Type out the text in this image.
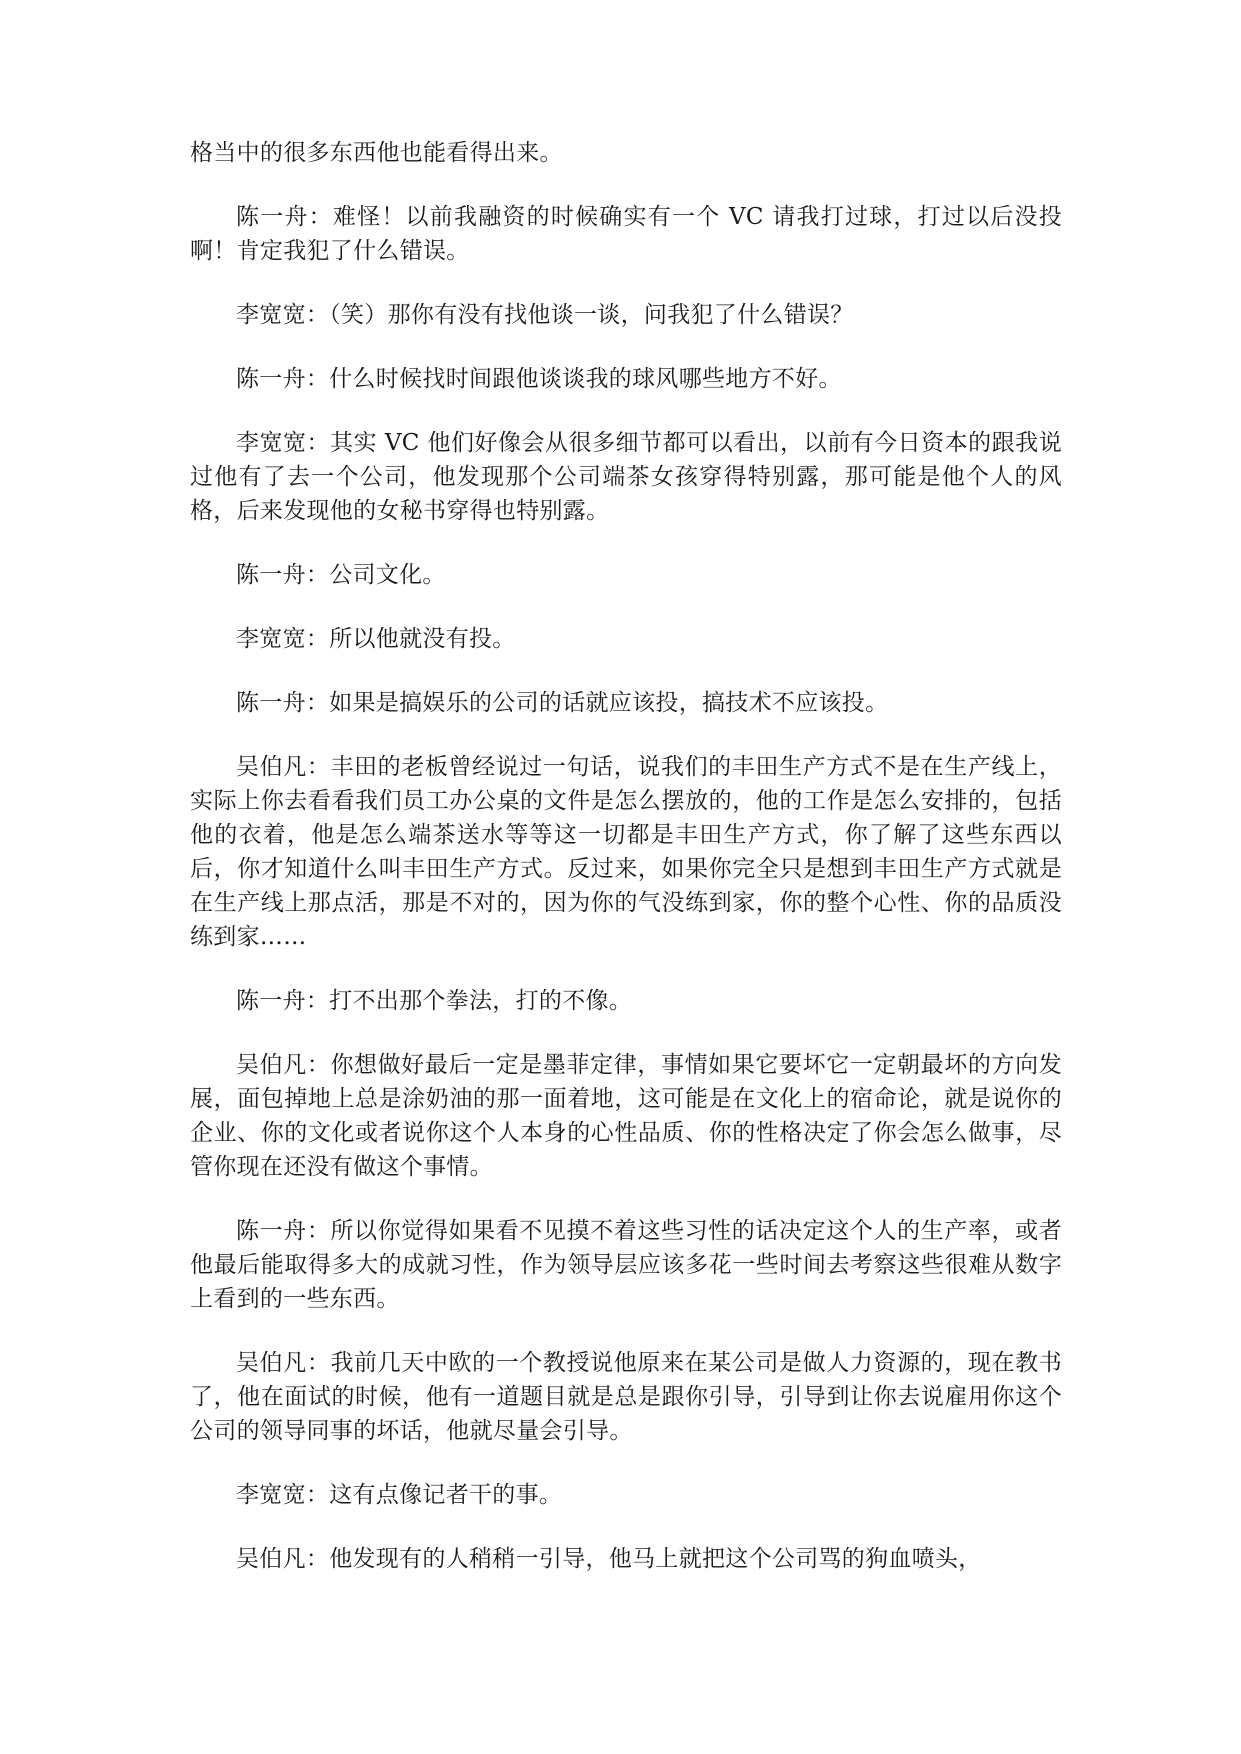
格当中的很多东西他也能看得出来。

陈一舟：难怪！以前我融资的时候确实有一个 VC 请我打过球，打过以后没投啊！肯定我犯了什么错误。

李宽宽：（笑）那你有没有找他谈一谈，问我犯了什么错误？

陈一舟：什么时候找时间跟他谈谈我的球风哪些地方不好。

李宽宽：其实 VC 他们好像会从很多细节都可以看出，以前有今日资本的跟我说过他有了去一个公司，他发现那个公司端茶女孩穿得特别露，那可能是他个人的风格，后来发现他的女秘书穿得也特别露。

陈一舟：公司文化。

李宽宽：所以他就没有投。

陈一舟：如果是搞娱乐的公司的话就应该投，搞技术不应该投。

吴伯凡：丰田的老板曾经说过一句话，说我们的丰田生产方式不是在生产线上，实际上你去看看我们员工办公桌的文件是怎么摆放的，他的工作是怎么安排的，包括他的衣着，他是怎么端茶送水等等这一切都是丰田生产方式，你了解了这些东西以后，你才知道什么叫丰田生产方式。反过来，如果你完全只是想到丰田生产方式就是在生产线上那点活，那是不对的，因为你的气没练到家，你的整个心性、你的品质没练到家……

陈一舟：打不出那个拳法，打的不像。

吴伯凡：你想做好最后一定是墨菲定律，事情如果它要坏它一定朝最坏的方向发展，面包掉地上总是涂奶油的那一面着地，这可能是在文化上的宿命论，就是说你的企业、你的文化或者说你这个人本身的心性品质、你的性格决定了你会怎么做事，尽管你现在还没有做这个事情。

陈一舟：所以你觉得如果看不见摸不着这些习性的话决定这个人的生产率，或者他最后能取得多大的成就习性，作为领导层应该多花一些时间去考察这些很难从数字上看到的一些东西。

吴伯凡：我前几天中欧的一个教授说他原来在某公司是做人力资源的，现在教书了，他在面试的时候，他有一道题目就是总是跟你引导，引导到让你去说雇用你这个公司的领导同事的坏话，他就尽量会引导。

李宽宽：这有点像记者干的事。

吴伯凡：他发现有的人稍稍一引导，他马上就把这个公司骂的狗血喷头，
